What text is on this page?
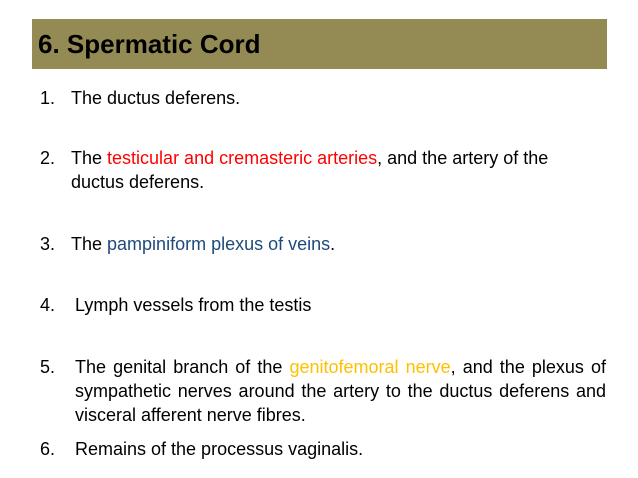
6. Spermatic Cord
1. The ductus deferens.
2. The testicular and cremasteric arteries, and the artery of the ductus deferens.
3. The pampiniform plexus of veins.
4.	Lymph vessels from the testis
5.	The genital branch of the genitofemoral nerve, and the plexus of sympathetic nerves around the artery to the ductus deferens and visceral afferent nerve fibres.
6.	Remains of the processus vaginalis.
